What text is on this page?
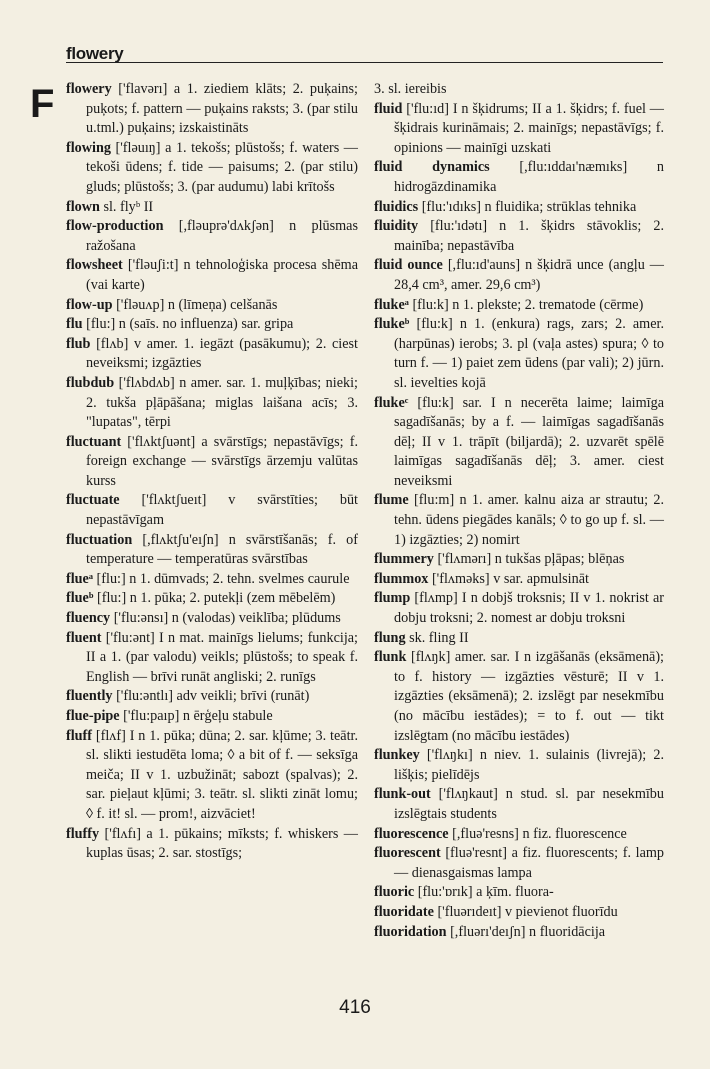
flowery
F flowery ['flavərı] a 1. ziediem klāts; 2. puķains; puķots; f. pattern — puķains raksts; 3. (par stilu u.tml.) puķains; izskaistināts

flowing ['fləuıŋ] a 1. tekošs; plūstošs; f. waters — tekoši ūdens; f. tide — paisums; 2. (par stilu) gluds; plūstošs; 3. (par audumu) labi krītošs

flown sl. flyᵇ II

flow-production [,fləuprə'dʌkʃən] n plūsmas ražošana

flowsheet ['fləuʃi:t] n tehnoloģiska procesa shēma (vai karte)

flow-up ['fləuʌp] n (līmeņa) celšanās

flu [flu:] n (saīs. no influenza) sar. gripa

flub [flʌb] v amer. 1. iegāzt (pasākumu); 2. ciest neveiksmi; izgāzties

flubdub ['flʌbdʌb] n amer. sar. 1. muļķības; nieki; 2. tukša pļāpāšana; miglas laišana acīs; 3. "lupatas", tērpi

fluctuant ['flʌktʃuənt] a svārstīgs; nepastāvīgs; f. foreign exchange — svārstīgs ārzemju valūtas kurss

fluctuate ['flʌktʃueıt] v svārstīties; būt nepastāvīgam

fluctuation [,flʌktʃu'eıʃn] n svārstīšanās; f. of temperature — temperatūras svārstības

flueᵃ [flu:] n 1. dūmvads; 2. tehn. svelmes caurule

flueᵇ [flu:] n 1. pūka; 2. putekļi (zem mēbelēm)

fluency ['flu:ənsı] n (valodas) veiklība; plūdums

fluent ['flu:ənt] I n mat. mainīgs lielums; funkcija; II a 1. (par valodu) veikls; plūstošs; to speak f. English — brīvi runāt angliski; 2. runīgs

fluently ['flu:əntlı] adv veikli; brīvi (runāt)

flue-pipe ['flu:paıp] n ērģeļu stabule

fluff [flʌf] I n 1. pūka; dūna; 2. sar. kļūme; 3. teātr. sl. slikti iestudēta loma; ◊ a bit of f. — seksīga meiča; II v 1. uzbužināt; sabozt (spalvas); 2. sar. pieļaut kļūmi; 3. teātr. sl. slikti zināt lomu; ◊ f. it! sl. — prom!, aizvāciet!

fluffy ['flʌfı] a 1. pūkains; mīksts; f. whiskers — kuplas ūsas; 2. sar. stostīgs;

3. sl. iereibis

fluid ['flu:ıd] I n šķidrums; II a 1. šķidrs; f. fuel — šķidrais kurināmais; 2. mainīgs; nepastāvīgs; f. opinions — mainīgi uzskati

fluid dynamics [,flu:ıddaı'næmıks] n hidrogāzdinamika

fluidics [flu:'ıdıks] n fluidika; strūklas tehnika

fluidity [flu:'ıdətı] n 1. šķidrs stāvoklis; 2. mainība; nepastāvība

fluid ounce [,flu:ıd'auns] n šķidrā unce (angļu — 28,4 cm³, amer. 29,6 cm³)

flukeᵃ [flu:k] n 1. plekste; 2. trematode (cērme)

flukeᵇ [flu:k] n 1. (enkura) rags, zars; 2. amer. (harpūnas) ierobs; 3. pl (vaļa astes) spura; ◊ to turn f. — 1) paiet zem ūdens (par vali); 2) jūrn. sl. ievelties kojā

flukeᶜ [flu:k] sar. I n necerēta laime; laimīga sagadīšanās; by a f. — laimīgas sagadīšanās dēļ; II v 1. trāpīt (biljardā); 2. uzvarēt spēlē laimīgas sagadīšanās dēļ; 3. amer. ciest neveiksmi

flume [flu:m] n 1. amer. kalnu aiza ar strautu; 2. tehn. ūdens piegādes kanāls; ◊ to go up f. sl. — 1) izgāzties; 2) nomirt

flummery ['flʌmərı] n tukšas pļāpas; blēņas

flummox ['flʌməks] v sar. apmulsināt

flump [flʌmp] I n dobjš troksnis; II v 1. nokrist ar dobju troksni; 2. nomest ar dobju troksni

flung sk. fling II

flunk [flʌŋk] amer. sar. I n izgāšanās (eksāmenā); to f. history — izgāzties vēsturē; II v 1. izgāzties (eksāmenā); 2. izslēgt par nesekmību (no mācību iestādes); = to f. out — tikt izslēgtam (no mācību iestādes)

flunkey ['flʌŋkı] n niev. 1. sulainis (livrejā); 2. lišķis; pielīdējs

flunk-out ['flʌŋkaut] n stud. sl. par nesekmību izslēgtais students

fluorescence [,fluə'resns] n fiz. fluorescence

fluorescent [fluə'resnt] a fiz. fluorescents; f. lamp — dienasgaismas lampa

fluoric [flu:'ɒrık] a ķīm. fluora-

fluoridate ['fluərıdeıt] v pievienot fluorīdu

fluoridation [,fluərı'deıʃn] n fluoridācija

416
